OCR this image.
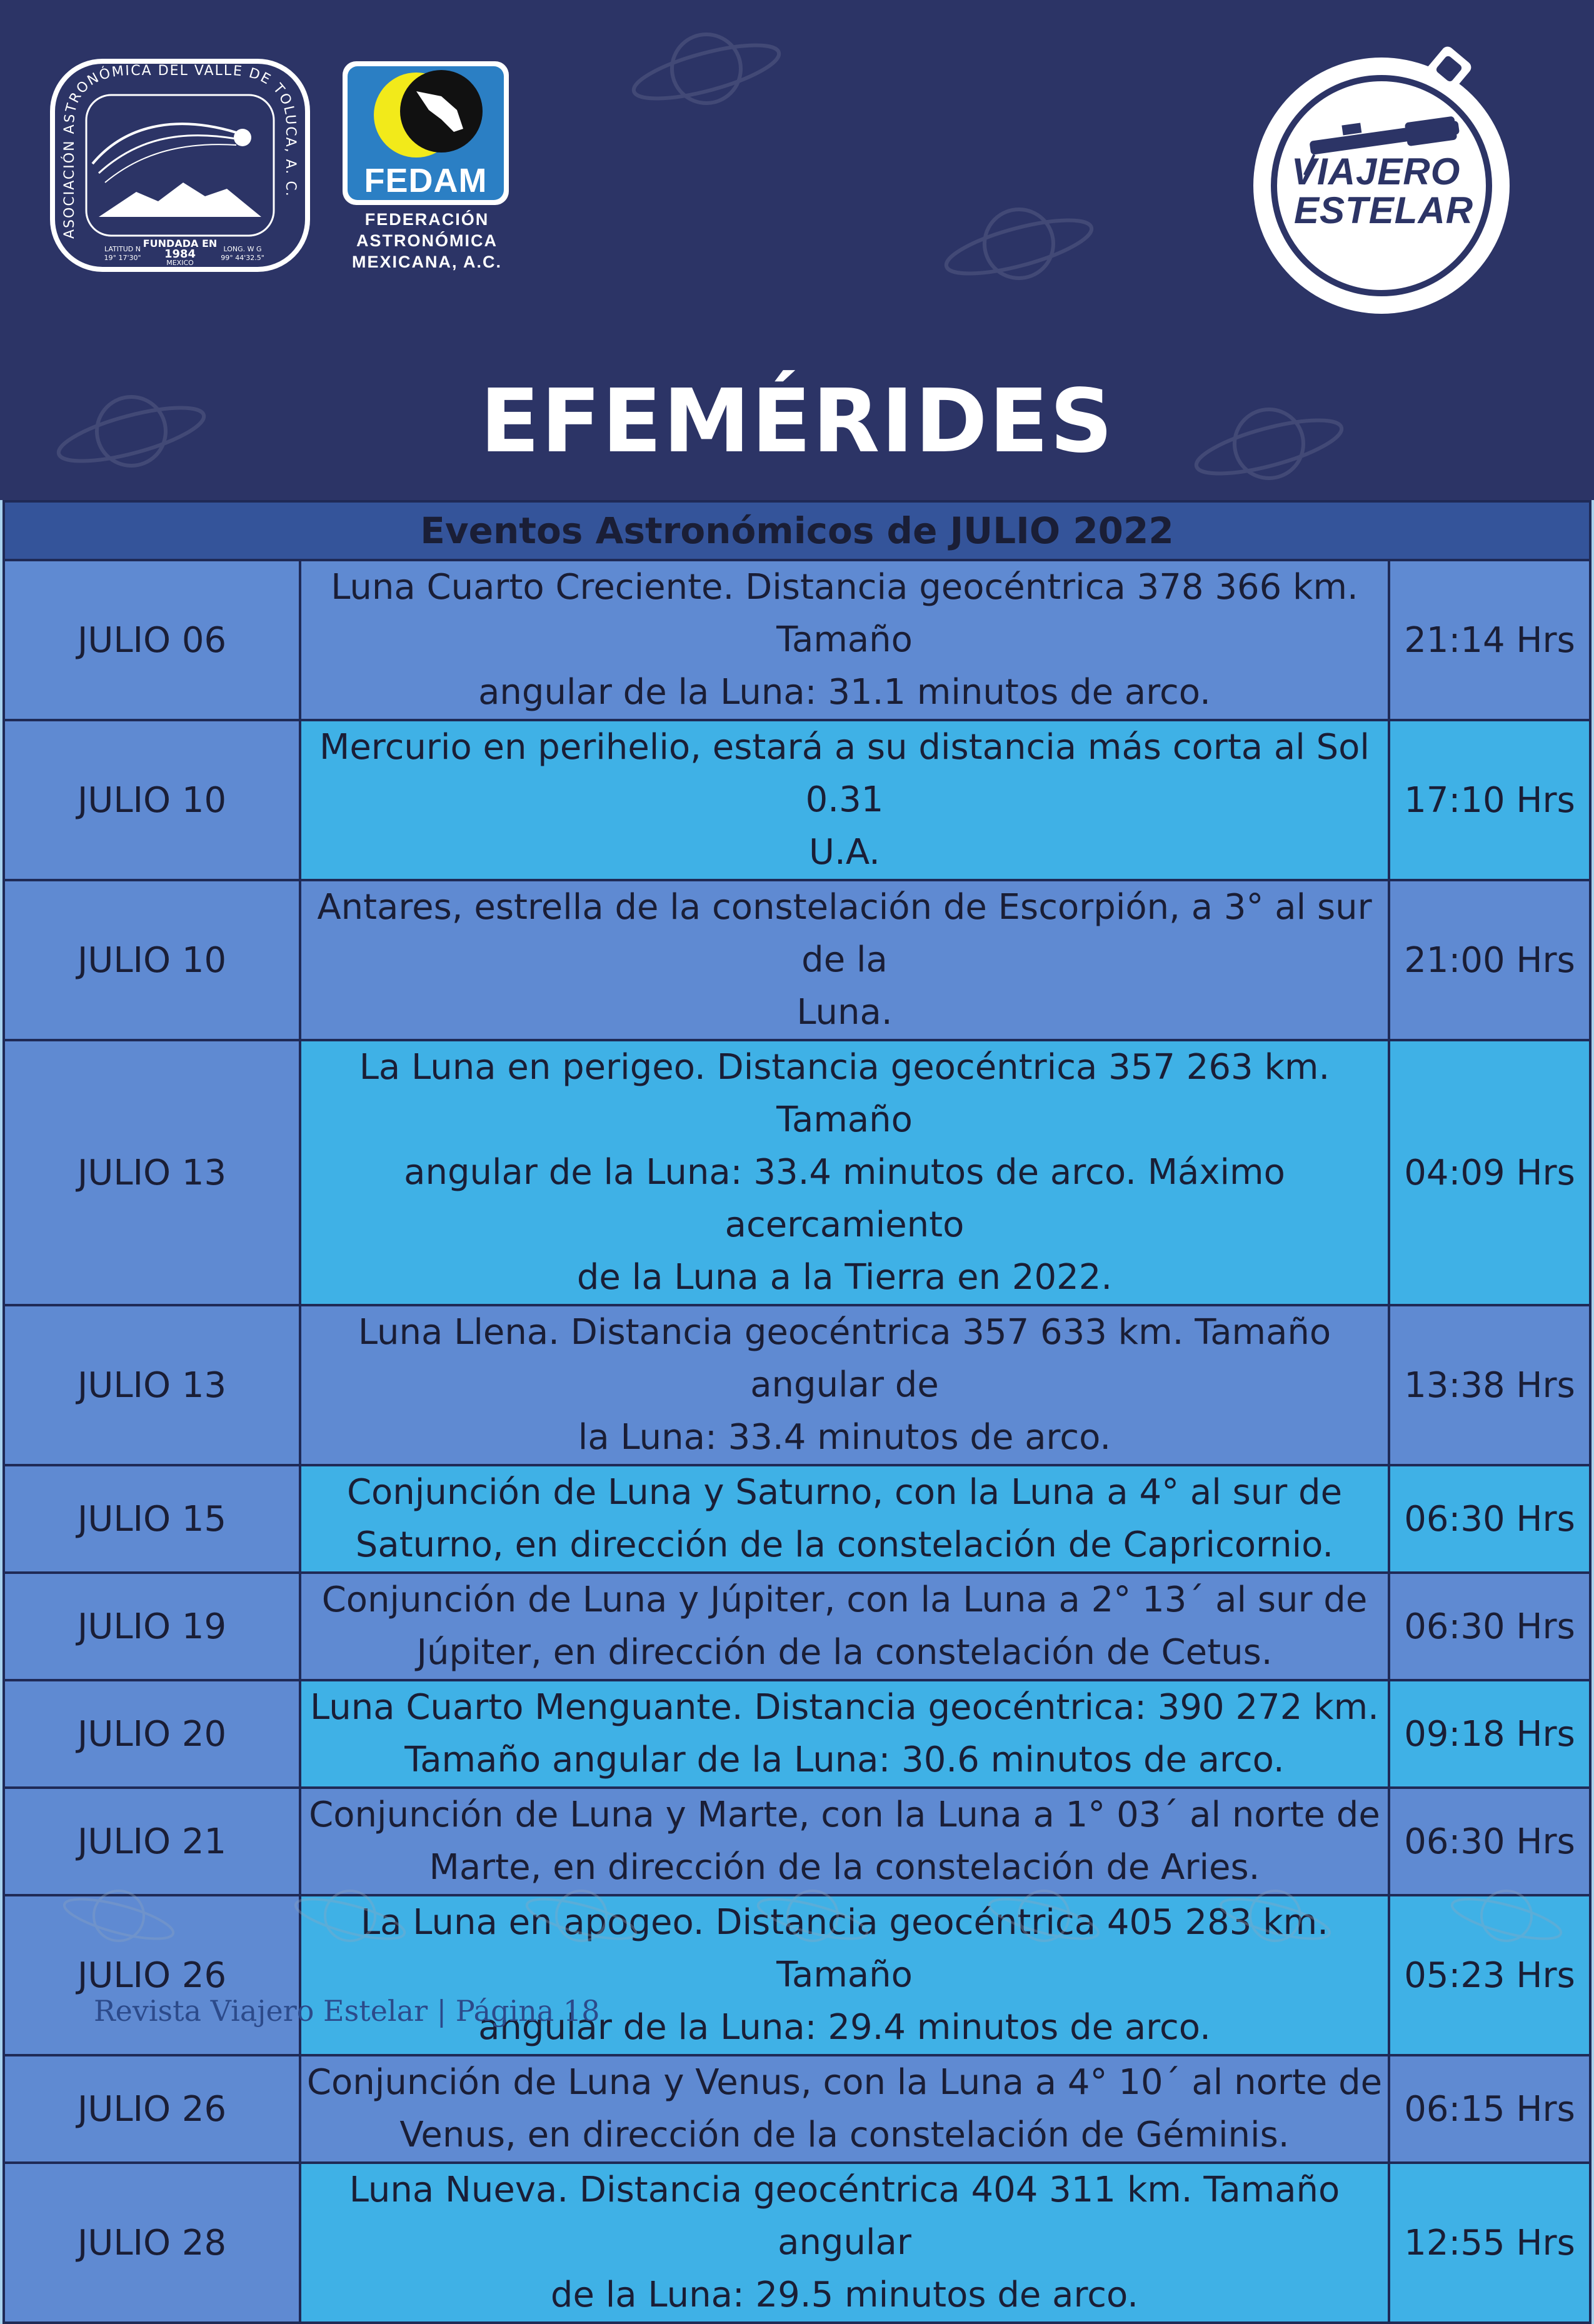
ASOCIACIÓN ASTRONÓMICA DEL VALLE DE TOLUCA, A. C.
FUNDADA EN
1984
MEXICO
LATITUD N
19° 17'30"
LONG. W G
99° 44'32.5"
FEDAM
FEDERACIÓN
ASTRONÓMICA
MEXICANA, A.C.
VIAJERO
ESTELAR
EFEMÉRIDES
Eventos Astronómicos de JULIO 2022		
JULIO 06	Luna Cuarto Creciente. Distancia geocéntrica 378 366 km. Tamaño
angular de la Luna: 31.1 minutos de arco.	21:14 Hrs
JULIO 10	Mercurio en perihelio, estará a su distancia más corta al Sol 0.31
U.A.	17:10 Hrs
JULIO 10	Antares, estrella de la constelación de Escorpión, a 3° al sur de la
Luna.	21:00 Hrs
JULIO 13	La Luna en perigeo. Distancia geocéntrica 357 263 km. Tamaño
angular de la Luna: 33.4 minutos de arco. Máximo acercamiento
de la Luna a la Tierra en 2022.	04:09 Hrs
JULIO 13	Luna Llena. Distancia geocéntrica 357 633 km. Tamaño angular de
la Luna: 33.4 minutos de arco.	13:38 Hrs
JULIO 15	Conjunción de Luna y Saturno, con la Luna a 4° al sur de
Saturno, en dirección de la constelación de Capricornio.	06:30 Hrs
JULIO 19	Conjunción de Luna y Júpiter, con la Luna a 2° 13´ al sur de
Júpiter, en dirección de la constelación de Cetus.	06:30 Hrs
JULIO 20	Luna Cuarto Menguante. Distancia geocéntrica: 390 272 km.
Tamaño angular de la Luna: 30.6 minutos de arco.	09:18 Hrs
JULIO 21	Conjunción de Luna y Marte, con la Luna a 1° 03´ al norte de
Marte, en dirección de la constelación de Aries.	06:30 Hrs
JULIO 26	La Luna en apogeo. Distancia geocéntrica 405 283 km. Tamaño
angular de la Luna: 29.4 minutos de arco.	05:23 Hrs
JULIO 26	Conjunción de Luna y Venus, con la Luna a 4° 10´ al norte de
Venus, en dirección de la constelación de Géminis.	06:15 Hrs
JULIO 28	Luna Nueva. Distancia geocéntrica 404 311 km. Tamaño angular
de la Luna: 29.5 minutos de arco.	12:55 Hrs
Revista Viajero Estelar | Página 18
